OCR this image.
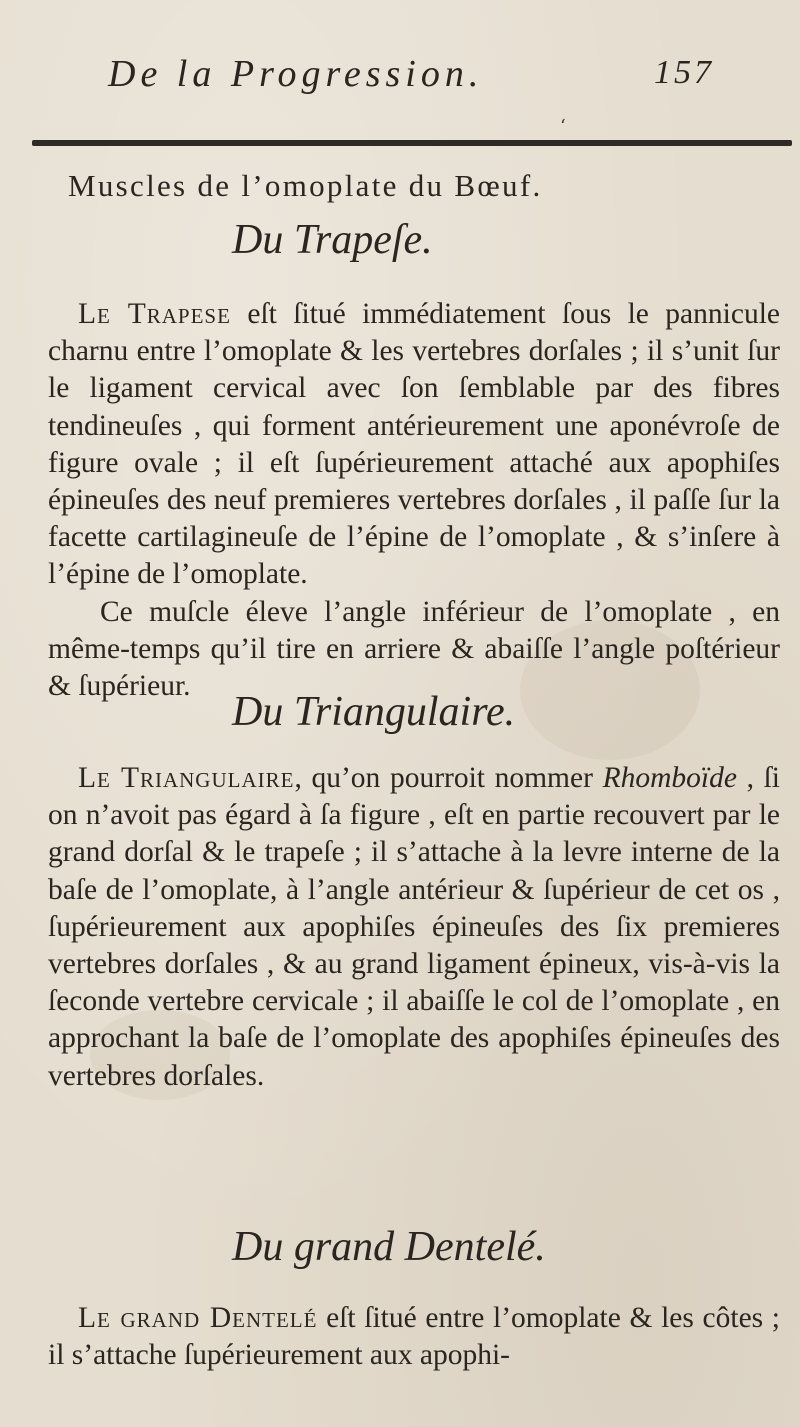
De la Progression.	157
‘
Muscles de l’omoplate du Bœuf.
Du Trapeſe.

Le Trapese eſt ſitué immédiatement ſous le pannicule charnu entre l’omoplate & les vertebres dorſales ; il s’unit ſur le ligament cervical avec ſon ſemblable par des fibres tendineuſes , qui forment antérieurement une aponévroſe de figure ovale ; il eſt ſupérieurement attaché aux apophiſes épineuſes des neuf premieres vertebres dorſales , il paſſe ſur la facette cartilagineuſe de l’épine de l’omoplate , & s’inſere à l’épine de l’omoplate.

Ce muſcle éleve l’angle inférieur de l’omoplate , en même-temps qu’il tire en arriere & abaiſſe l’angle poſtérieur & ſupérieur.

Du Triangulaire.

Le Triangulaire, qu’on pourroit nommer Rhomboïde , ſi on n’avoit pas égard à ſa figure , eſt en partie recouvert par le grand dorſal & le trapeſe ; il s’attache à la levre interne de la baſe de l’omoplate, à l’angle antérieur & ſupérieur de cet os , ſupérieurement aux apophiſes épineuſes des ſix premieres vertebres dorſales , & au grand ligament épineux, vis-à-vis la ſeconde vertebre cervicale ; il abaiſſe le col de l’omoplate , en approchant la baſe de l’omoplate des apophiſes épineuſes des vertebres dorſales.

Du grand Dentelé.

Le grand Dentelé eſt ſitué entre l’omoplate & les côtes ; il s’attache ſupérieurement aux apophi-
